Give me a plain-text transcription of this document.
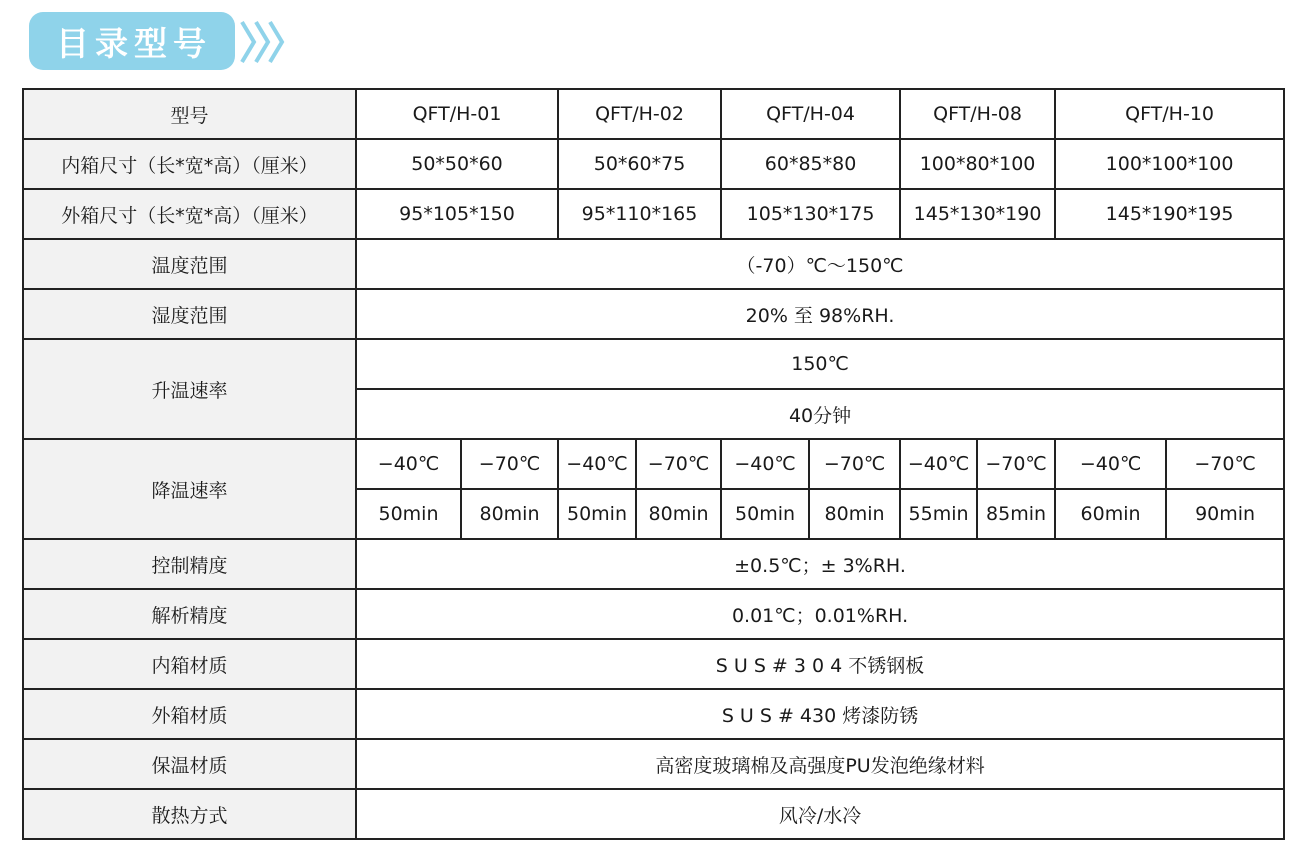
目录型号
型号	QFT/H-01		QFT/H-02		QFT/H-04		QFT/H-08		QFT/H-10	
内箱尺寸（长*宽*高）（厘米）	50*50*60		50*60*75		60*85*80		100*80*100		100*100*100	
外箱尺寸（长*宽*高）（厘米）	95*105*150		95*110*165		105*130*175		145*130*190		145*190*195	
温度范围	（-70）℃～150℃									
湿度范围	20% 至 98%RH.									
升温速率	150℃									
	40分钟									
降温速率	−40℃	−70℃	−40℃	−70℃	−40℃	−70℃	−40℃	−70℃	−40℃	−70℃
	50min	80min	50min	80min	50min	80min	55min	85min	60min	90min
控制精度	±0.5℃；± 3%RH.									
解析精度	0.01℃；0.01%RH.									
内箱材质	S U S # 3 0 4 不锈钢板									
外箱材质	S U S # 430 烤漆防锈									
保温材质	高密度玻璃棉及高强度PU发泡绝缘材料									
散热方式	风冷/水冷									
